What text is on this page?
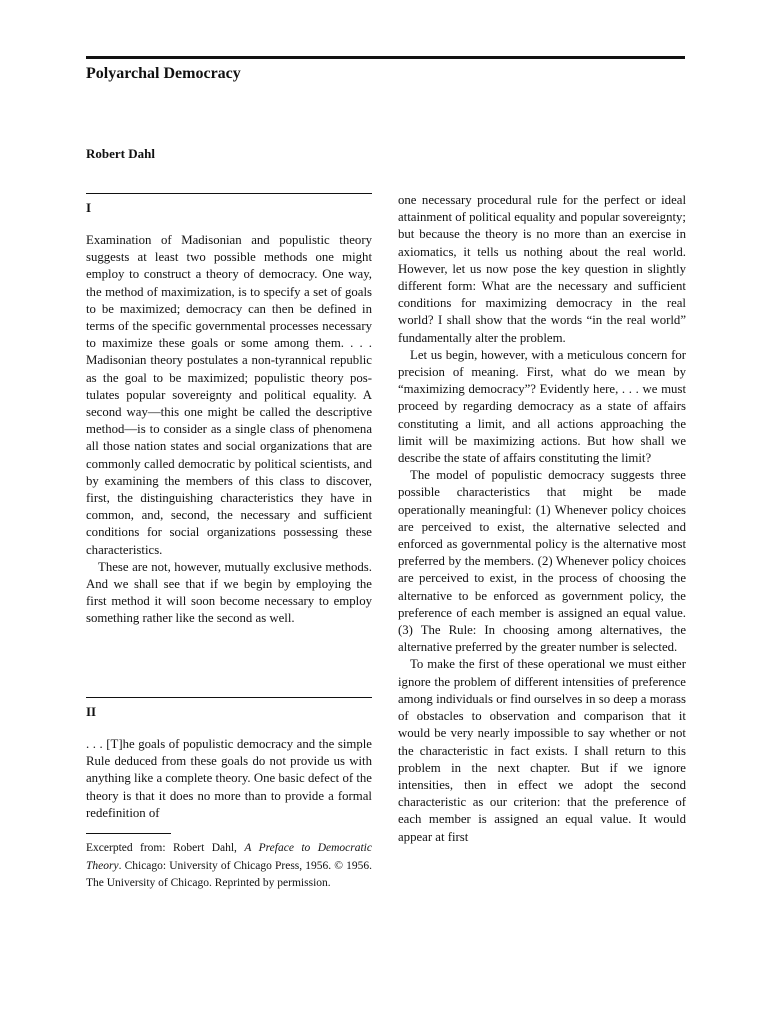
Polyarchal Democracy
Robert Dahl
I

Examination of Madisonian and populistic theory suggests at least two possible methods one might employ to construct a theory of democracy. One way, the method of maximization, is to specify a set of goals to be maximized; democracy can then be defined in terms of the specific governmental processes necessary to maximize these goals or some among them. . . . Madisonian theory postulates a non-tyrannical republic as the goal to be maximized; populistic theory postulates popular sovereignty and political equality. A second way—this one might be called the descriptive method—is to consider as a single class of phenomena all those nation states and social organizations that are commonly called democratic by political scientists, and by examining the members of this class to discover, first, the distinguishing characteristics they have in common, and, second, the necessary and sufficient conditions for social organizations possessing these characteristics.

These are not, however, mutually exclusive methods. And we shall see that if we begin by employing the first method it will soon become necessary to employ something rather like the second as well.

II

. . . [T]he goals of populistic democracy and the simple Rule deduced from these goals do not provide us with anything like a complete theory. One basic defect of the theory is that it does no more than to provide a formal redefinition of

Excerpted from: Robert Dahl, A Preface to Democratic Theory. Chicago: University of Chicago Press, 1956. © 1956. The University of Chicago. Reprinted by permission.

one necessary procedural rule for the perfect or ideal attainment of political equality and popular sovereignty; but because the theory is no more than an exercise in axiomatics, it tells us nothing about the real world. However, let us now pose the key question in slightly different form: What are the necessary and sufficient conditions for maximizing democracy in the real world? I shall show that the words “in the real world” fundamentally alter the problem.

Let us begin, however, with a meticulous concern for precision of meaning. First, what do we mean by “maximizing democracy”? Evidently here, . . . we must proceed by regarding democracy as a state of affairs constituting a limit, and all actions approaching the limit will be maximizing actions. But how shall we describe the state of affairs constituting the limit?

The model of populistic democracy suggests three possible characteristics that might be made operationally meaningful: (1) Whenever policy choices are perceived to exist, the alternative selected and enforced as governmental policy is the alternative most preferred by the members. (2) Whenever policy choices are perceived to exist, in the process of choosing the alternative to be enforced as government policy, the preference of each member is assigned an equal value. (3) The Rule: In choosing among alternatives, the alternative preferred by the greater number is selected.

To make the first of these operational we must either ignore the problem of different intensities of preference among individuals or find ourselves in so deep a morass of obstacles to observation and comparison that it would be very nearly impossible to say whether or not the characteristic in fact exists. I shall return to this problem in the next chapter. But if we ignore intensities, then in effect we adopt the second characteristic as our criterion: that the preference of each member is assigned an equal value. It would appear at first
